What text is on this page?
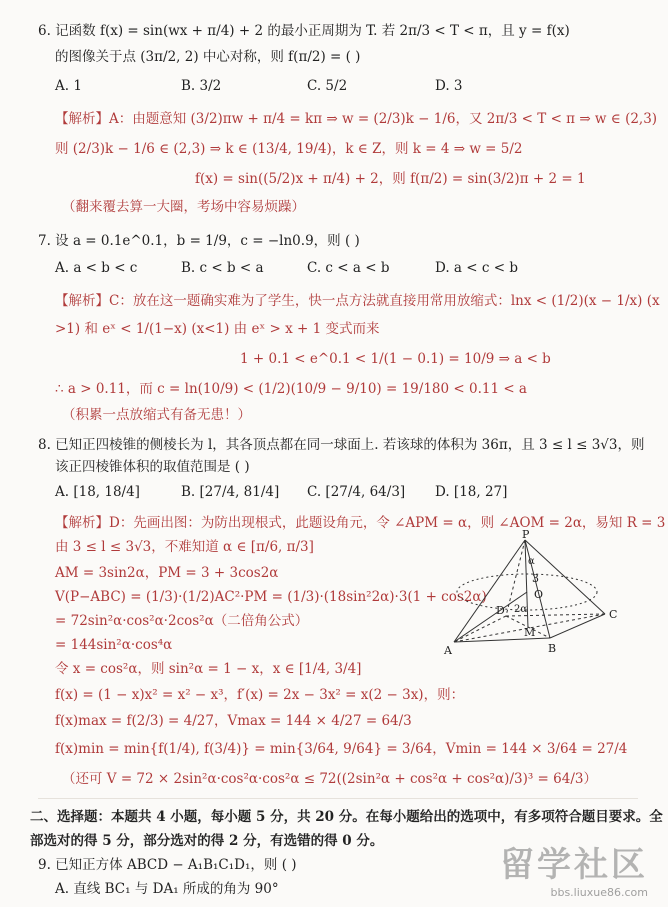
6. 记函数 f(x) = sin(wx + π/4) + 2 的最小正周期为 T. 若 2π/3 < T < π，且 y = f(x)
的图像关于点 (3π/2, 2) 中心对称，则 f(π/2) = ( )
A. 1	B. 3/2	C. 5/2	D. 3
【解析】A：由题意知 (3/2)πw + π/4 = kπ ⇒ w = (2/3)k − 1/6，又 2π/3 < T < π ⇒ w ∈ (2,3)
则 (2/3)k − 1/6 ∈ (2,3) ⇒ k ∈ (13/4, 19/4)，k ∈ Z，则 k = 4 ⇒ w = 5/2
f(x) = sin((5/2)x + π/4) + 2，则 f(π/2) = sin(3/2)π + 2 = 1
（翻来覆去算一大圈，考场中容易烦躁）
7. 设 a = 0.1e^0.1，b = 1/9，c = −ln0.9，则 ( )
A. a < b < c	B. c < b < a	C. c < a < b	D. a < c < b
【解析】C：放在这一题确实难为了学生，快一点方法就直接用常用放缩式：lnx < (1/2)(x − 1/x) (x
>1) 和 eˣ < 1/(1−x) (x<1) 由 eˣ > x + 1 变式而来
1 + 0.1 < e^0.1 < 1/(1 − 0.1) = 10/9 ⇒ a < b
∴ a > 0.11，而 c = ln(10/9) < (1/2)(10/9 − 9/10) = 19/180 < 0.11 < a
（积累一点放缩式有备无患！）
8. 已知正四棱锥的侧棱长为 l，其各顶点都在同一球面上. 若该球的体积为 36π，且 3 ≤ l ≤ 3√3，则
该正四棱锥体积的取值范围是 ( )
A. [18, 18/4]	B. [27/4, 81/4] C. [27/4, 64/3] D. [18, 27]
【解析】D：先画出图：为防出现根式，此题设角元，令 ∠APM = α，则 ∠AOM = 2α，易知 R = 3
由 3 ≤ l ≤ 3√3，不难知道 α ∈ [π/6, π/3]
AM = 3sin2α，PM = 3 + 3cos2α
V(P−ABC) = (1/3)·(1/2)AC²·PM = (1/3)·(18sin²2α)·3(1 + cos2α)
= 72sin²α·cos²α·2cos²α（二倍角公式）
= 144sin²α·cos⁴α
令 x = cos²α，则 sin²α = 1 − x，x ∈ [1/4, 3/4]
f(x) = (1 − x)x² = x² − x³，f′(x) = 2x − 3x² = x(2 − 3x)，则：
f(x)max = f(2/3) = 4/27，Vmax = 144 × 4/27 = 64/3
f(x)min = min{f(1/4), f(3/4)} = min{3/64, 9/64} = 3/64，Vmin = 144 × 3/64 = 27/4
（还可 V = 72 × 2sin²α·cos²α·cos²α ≤ 72((2sin²α + cos²α + cos²α)/3)³ = 64/3）
P
α
3
O
D 2α
M
A	B
C
二、选择题：本题共 4 小题，每小题 5 分，共 20 分。在每小题给出的选项中，有多项符合题目要求。全
部选对的得 5 分，部分选对的得 2 分，有选错的得 0 分。
9. 已知正方体 ABCD − A₁B₁C₁D₁，则 ( )
A. 直线 BC₁ 与 DA₁ 所成的角为 90°
留学社区
bbs.liuxue86.com
